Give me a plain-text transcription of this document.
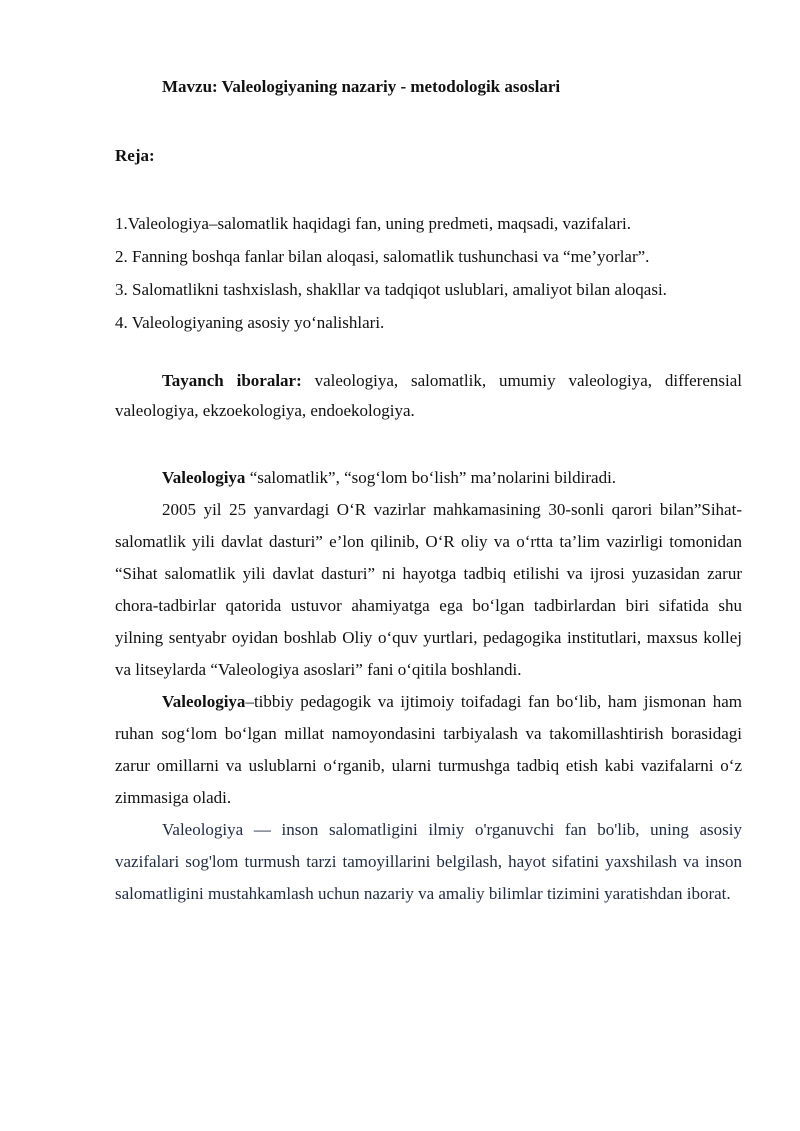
Mavzu: Valeologiyaning nazariy - metodologik asoslari
Reja:
1.Valeologiya–salomatlik haqidagi fan, uning predmeti, maqsadi, vazifalari.
2. Fanning boshqa fanlar bilan aloqasi, salomatlik tushunchasi va “me’yorlar”.
3. Salomatlikni tashxislash, shakllar va tadqiqot uslublari, amaliyot bilan aloqasi.
4. Valeologiyaning asosiy yo‘nalishlari.
Tayanch iboralar: valeologiya, salomatlik, umumiy valeologiya, differensial valeologiya, ekzoekologiya, endoekologiya.

Valeologiya “salomatlik”, “sog‘lom bo‘lish” ma’nolarini bildiradi.

2005 yil 25 yanvardagi O‘R vazirlar mahkamasining 30-sonli qarori bilan”Sihat-salomatlik yili davlat dasturi” e’lon qilinib, O‘R oliy va o‘rtta ta’lim vazirligi tomonidan “Sihat salomatlik yili davlat dasturi” ni hayotga tadbiq etilishi va ijrosi yuzasidan zarur chora-tadbirlar qatorida ustuvor ahamiyatga ega bo‘lgan tadbirlardan biri sifatida shu yilning sentyabr oyidan boshlab Oliy o‘quv yurtlari, pedagogika institutlari, maxsus kollej va litseylarda “Valeologiya asoslari” fani o‘qitila boshlandi.

Valeologiya–tibbiy pedagogik va ijtimoiy toifadagi fan bo‘lib, ham jismonan ham ruhan sog‘lom bo‘lgan millat namoyondasini tarbiyalash va takomillashtirish borasidagi zarur omillarni va uslublarni o‘rganib, ularni turmushga tadbiq etish kabi vazifalarni o‘z zimmasiga oladi.

Valeologiya — inson salomatligini ilmiy o'rganuvchi fan bo'lib, uning asosiy vazifalari sog'lom turmush tarzi tamoyillarini belgilash, hayot sifatini yaxshilash va inson salomatligini mustahkamlash uchun nazariy va amaliy bilimlar tizimini yaratishdan iborat.
